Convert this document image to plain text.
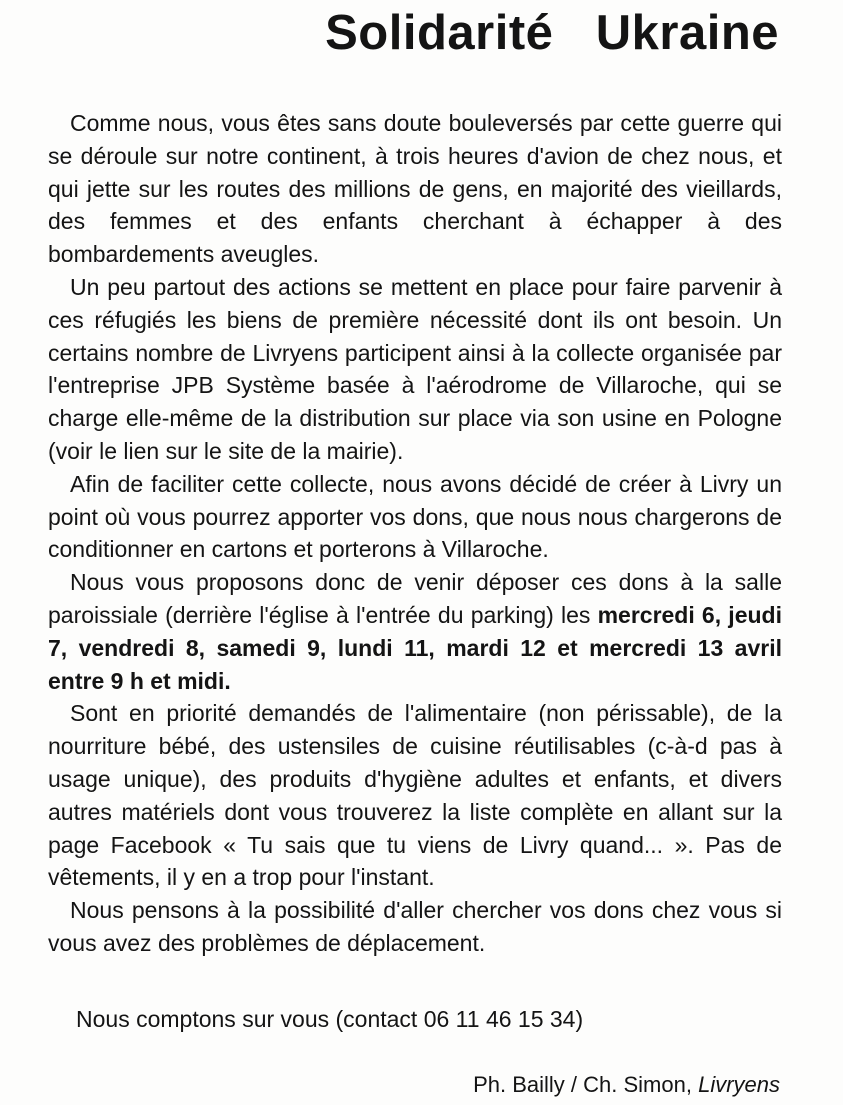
Solidarité   Ukraine

Comme nous, vous êtes sans doute bouleversés par cette guerre qui se déroule sur notre continent, à trois heures d'avion de chez nous, et qui jette sur les routes des millions de gens, en majorité des vieillards, des femmes et des enfants cherchant à échapper à des bombardements aveugles.

Un peu partout des actions se mettent en place pour faire parvenir à ces réfugiés les biens de première nécessité dont ils ont besoin. Un certains nombre de Livryens participent ainsi à la collecte organisée par l'entreprise JPB Système basée à l'aérodrome de Villaroche, qui se charge elle-même de la distribution sur place via son usine en Pologne (voir le lien sur le site de la mairie).

Afin de faciliter cette collecte, nous avons décidé de créer à Livry un point où vous pourrez apporter vos dons, que nous nous chargerons de conditionner en cartons et porterons à Villaroche.

Nous vous proposons donc de venir déposer ces dons à la salle paroissiale (derrière l'église à l'entrée du parking) les mercredi 6, jeudi 7, vendredi 8, samedi 9, lundi 11, mardi 12 et mercredi 13 avril entre 9 h et midi.

Sont en priorité demandés de l'alimentaire (non périssable), de la nourriture bébé, des ustensiles de cuisine réutilisables (c-à-d pas à usage unique), des produits d'hygiène adultes et enfants, et divers autres matériels dont vous trouverez la liste complète en allant sur la page Facebook « Tu sais que tu viens de Livry quand... ». Pas de vêtements, il y en a trop pour l'instant.

Nous pensons à la possibilité d'aller chercher vos dons chez vous si vous avez des problèmes de déplacement.

Nous comptons sur vous (contact 06 11 46 15 34)
Ph. Bailly / Ch. Simon, Livryens
